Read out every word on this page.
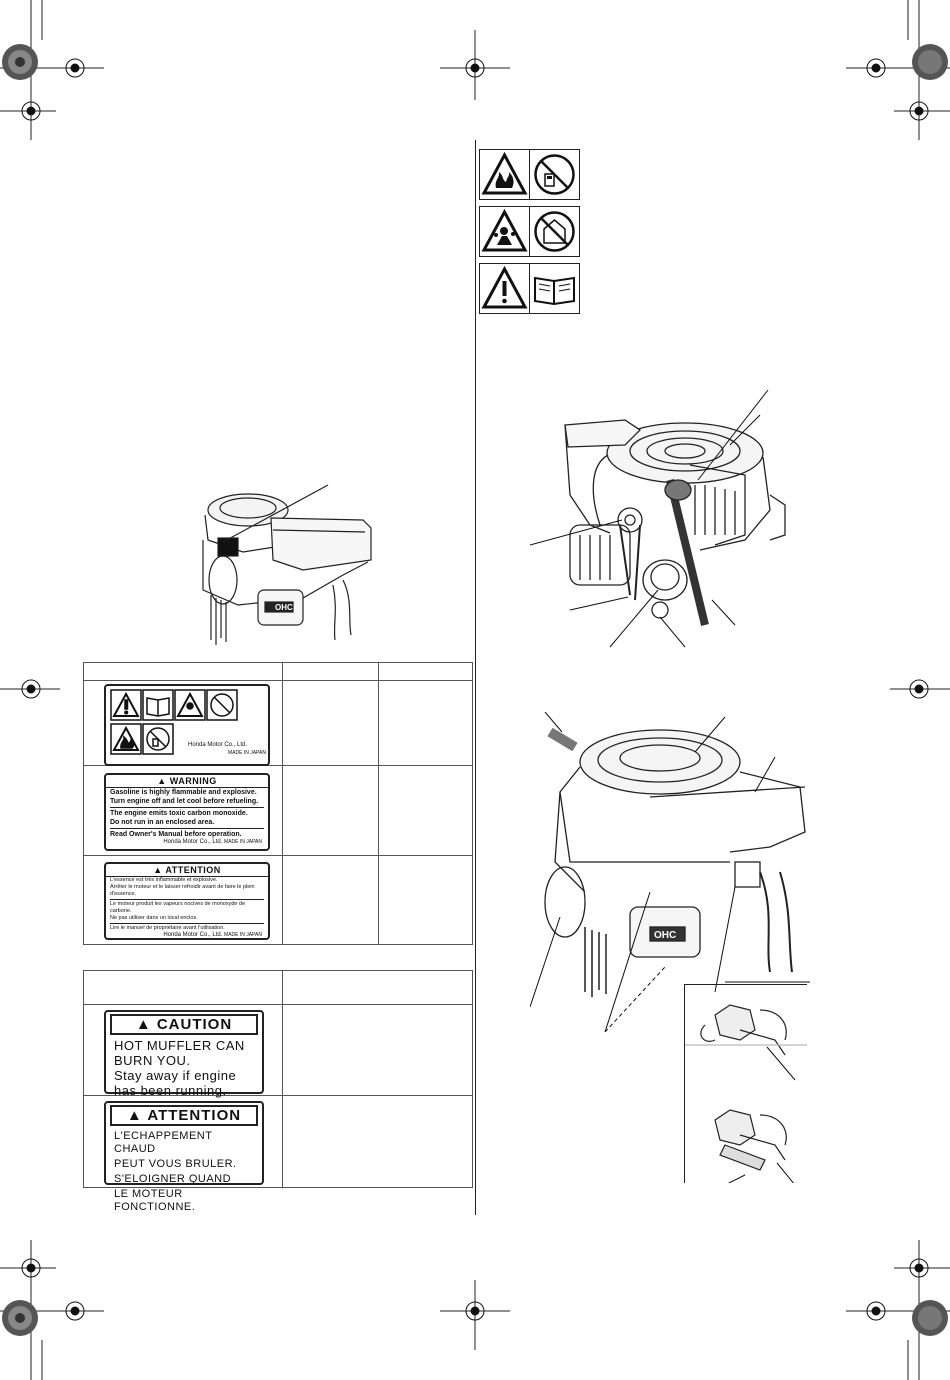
OHC
Honda Motor Co., Ltd.
MADE IN JAPAN
▲ WARNING
Gasoline is highly flammable and explosive.
Turn engine off and let cool before refueling.
The engine emits toxic carbon monoxide.
Do not run in an enclosed area.
Read Owner's Manual before operation.
Honda Motor Co., Ltd. MADE IN JAPAN
▲ ATTENTION
L'essence est très inflammable et explosive.
Arrêter le moteur et le laisser refroidir avant de faire le plein d'essence.
Le moteur produit les vapeurs nocives de monoxyde de carbone.
Ne pas utiliser dans un local enclos.
Lire le manuel de propriétaire avant l'utilisation.
Honda Motor Co., Ltd. MADE IN JAPAN
▲ CAUTION
HOT MUFFLER CAN
BURN YOU.
Stay away if engine
has been running.
▲ ATTENTION
L'ECHAPPEMENT CHAUD
PEUT VOUS BRULER.
S'ELOIGNER QUAND
LE MOTEUR FONCTIONNE.
OHC
